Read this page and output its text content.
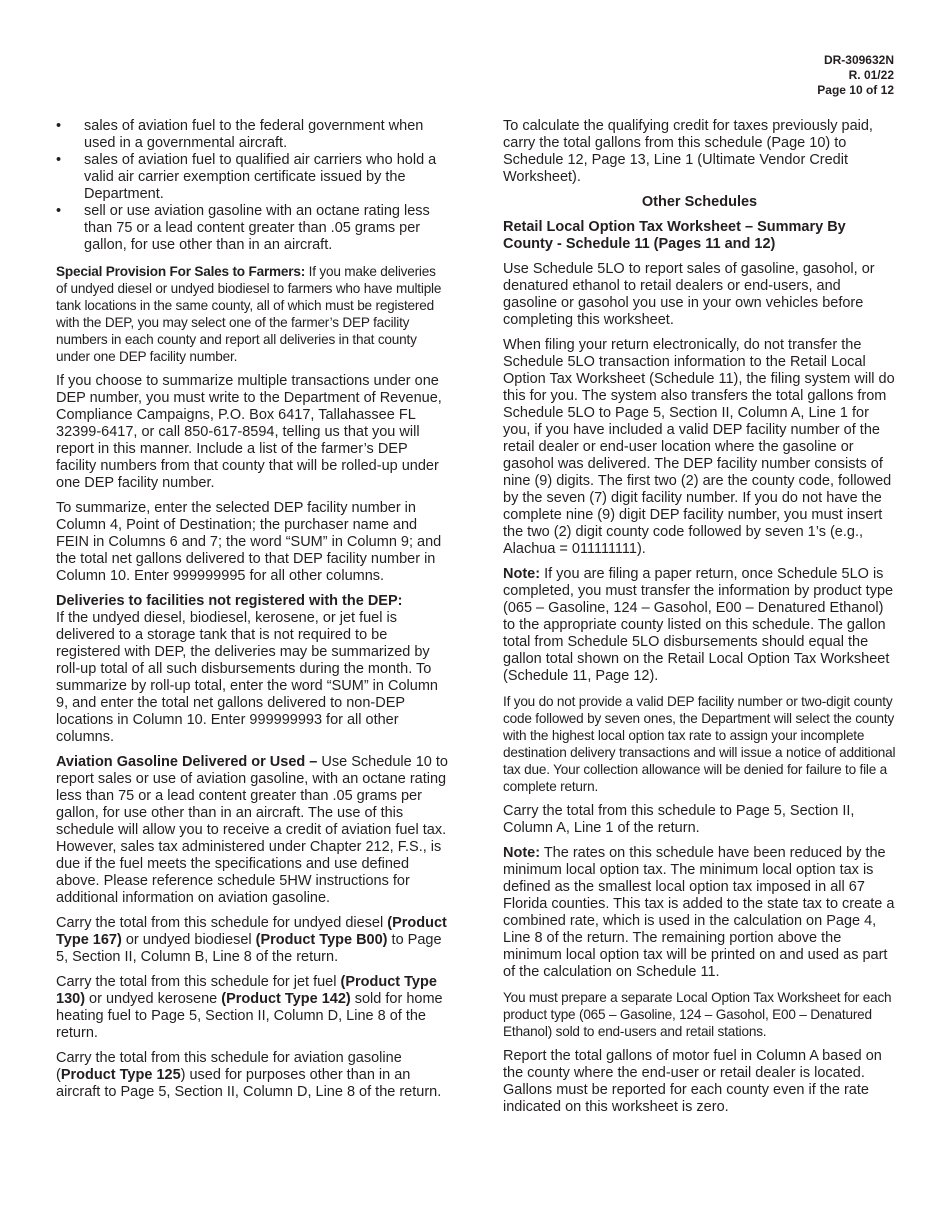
DR-309632N
R. 01/22
Page 10 of 12
• sales of aviation fuel to the federal government when used in a governmental aircraft.
• sales of aviation fuel to qualified air carriers who hold a valid air carrier exemption certificate issued by the Department.
• sell or use aviation gasoline with an octane rating less than 75 or a lead content greater than .05 grams per gallon, for use other than in an aircraft.

Special Provision For Sales to Farmers: If you make deliveries of undyed diesel or undyed biodiesel to farmers who have multiple tank locations in the same county, all of which must be registered with the DEP, you may select one of the farmer’s DEP facility numbers in each county and report all deliveries in that county under one DEP facility number.

If you choose to summarize multiple transactions under one DEP number, you must write to the Department of Revenue, Compliance Campaigns, P.O. Box 6417, Tallahassee FL 32399-6417, or call 850-617-8594, telling us that you will report in this manner. Include a list of the farmer’s DEP facility numbers from that county that will be rolled-up under one DEP facility number.

To summarize, enter the selected DEP facility number in Column 4, Point of Destination; the purchaser name and FEIN in Columns 6 and 7; the word “SUM” in Column 9; and the total net gallons delivered to that DEP facility number in Column 10. Enter 999999995 for all other columns.

Deliveries to facilities not registered with the DEP:
If the undyed diesel, biodiesel, kerosene, or jet fuel is delivered to a storage tank that is not required to be registered with DEP, the deliveries may be summarized by roll-up total of all such disbursements during the month. To summarize by roll-up total, enter the word “SUM” in Column 9, and enter the total net gallons delivered to non-DEP locations in Column 10. Enter 999999993 for all other columns.

Aviation Gasoline Delivered or Used – Use Schedule 10 to report sales or use of aviation gasoline, with an octane rating less than 75 or a lead content greater than .05 grams per gallon, for use other than in an aircraft. The use of this schedule will allow you to receive a credit of aviation fuel tax. However, sales tax administered under Chapter 212, F.S., is due if the fuel meets the specifications and use defined above. Please reference schedule 5HW instructions for additional information on aviation gasoline.

Carry the total from this schedule for undyed diesel (Product Type 167) or undyed biodiesel (Product Type B00) to Page 5, Section II, Column B, Line 8 of the return.

Carry the total from this schedule for jet fuel (Product Type 130) or undyed kerosene (Product Type 142) sold for home heating fuel to Page 5, Section II, Column D, Line 8 of the return.

Carry the total from this schedule for aviation gasoline (Product Type 125) used for purposes other than in an aircraft to Page 5, Section II, Column D, Line 8 of the return.

To calculate the qualifying credit for taxes previously paid, carry the total gallons from this schedule (Page 10) to Schedule 12, Page 13, Line 1 (Ultimate Vendor Credit Worksheet).

Other Schedules

Retail Local Option Tax Worksheet – Summary By County - Schedule 11 (Pages 11 and 12)

Use Schedule 5LO to report sales of gasoline, gasohol, or denatured ethanol to retail dealers or end-users, and gasoline or gasohol you use in your own vehicles before completing this worksheet.

When filing your return electronically, do not transfer the Schedule 5LO transaction information to the Retail Local Option Tax Worksheet (Schedule 11), the filing system will do this for you. The system also transfers the total gallons from Schedule 5LO to Page 5, Section II, Column A, Line 1 for you, if you have included a valid DEP facility number of the retail dealer or end-user location where the gasoline or gasohol was delivered. The DEP facility number consists of nine (9) digits. The first two (2) are the county code, followed by the seven (7) digit facility number. If you do not have the complete nine (9) digit DEP facility number, you must insert the two (2) digit county code followed by seven 1’s (e.g., Alachua = 011111111).

Note: If you are filing a paper return, once Schedule 5LO is completed, you must transfer the information by product type (065 – Gasoline, 124 – Gasohol, E00 – Denatured Ethanol) to the appropriate county listed on this schedule. The gallon total from Schedule 5LO disbursements should equal the gallon total shown on the Retail Local Option Tax Worksheet (Schedule 11, Page 12).

If you do not provide a valid DEP facility number or two-digit county code followed by seven ones, the Department will select the county with the highest local option tax rate to assign your incomplete destination delivery transactions and will issue a notice of additional tax due. Your collection allowance will be denied for failure to file a complete return.

Carry the total from this schedule to Page 5, Section II, Column A, Line 1 of the return.

Note: The rates on this schedule have been reduced by the minimum local option tax. The minimum local option tax is defined as the smallest local option tax imposed in all 67 Florida counties. This tax is added to the state tax to create a combined rate, which is used in the calculation on Page 4, Line 8 of the return. The remaining portion above the minimum local option tax will be printed on and used as part of the calculation on Schedule 11.

You must prepare a separate Local Option Tax Worksheet for each product type (065 – Gasoline, 124 – Gasohol, E00 – Denatured Ethanol) sold to end-users and retail stations.

Report the total gallons of motor fuel in Column A based on the county where the end-user or retail dealer is located. Gallons must be reported for each county even if the rate indicated on this worksheet is zero.
